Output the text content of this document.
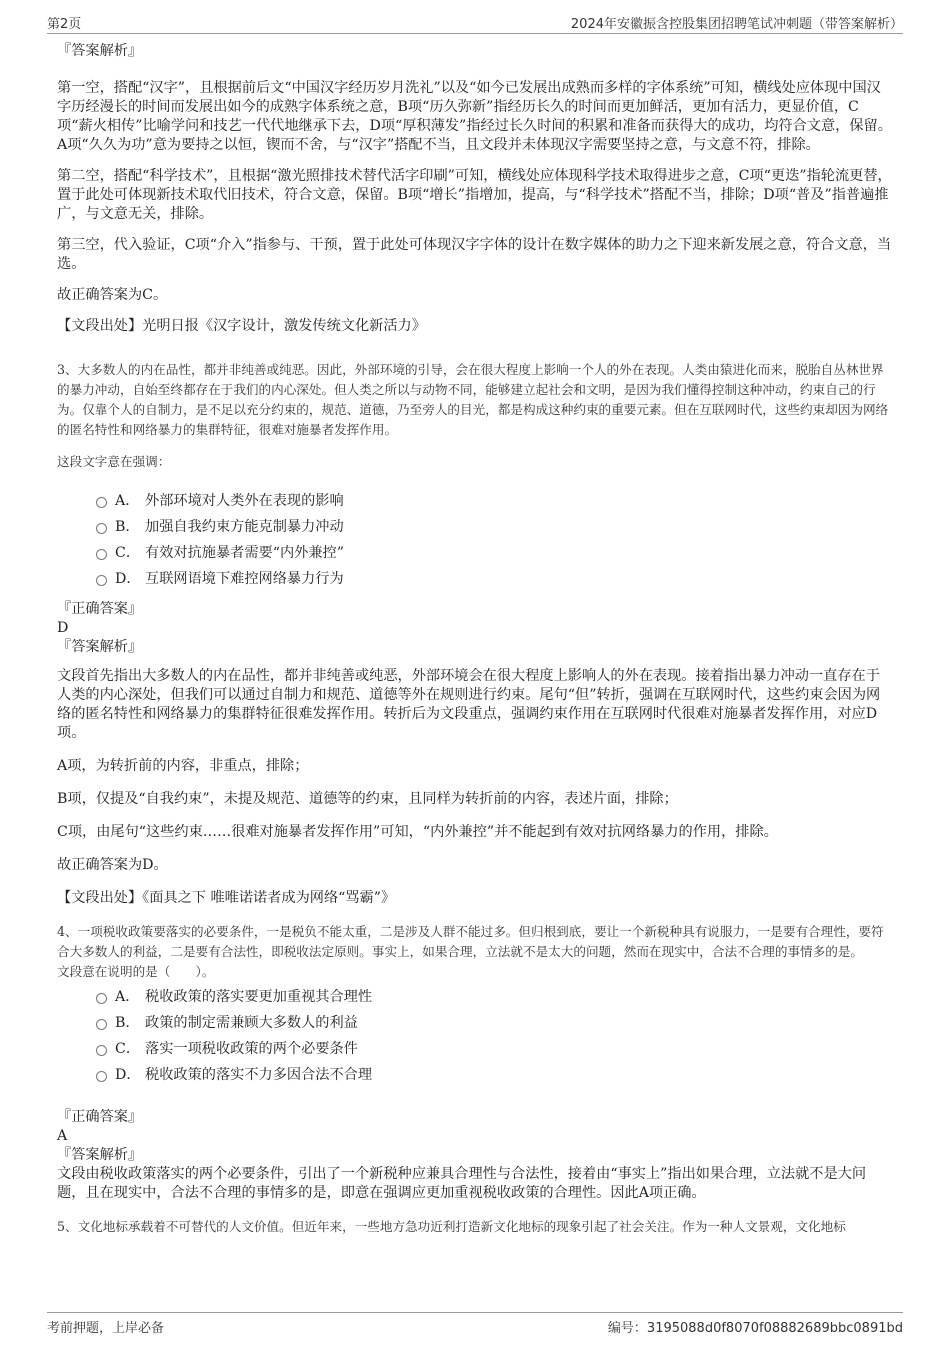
第2页	2024年安徽振含控股集团招聘笔试冲刺题（带答案解析）

『答案解析』

第一空，搭配“汉字”，且根据前后文“中国汉字经历岁月洗礼”以及“如今已发展出成熟而多样的字体系统”可知，横线处应体现中国汉字历经漫长的时间而发展出如今的成熟字体系统之意，B项“历久弥新”指经历长久的时间而更加鲜活，更加有活力，更显价值，C项“薪火相传”比喻学问和技艺一代代地继承下去，D项“厚积薄发”指经过长久时间的积累和准备而获得大的成功，均符合文意，保留。A项“久久为功”意为要持之以恒，锲而不舍，与“汉字”搭配不当，且文段并未体现汉字需要坚持之意，与文意不符，排除。

第二空，搭配“科学技术”，且根据“激光照排技术替代活字印刷”可知，横线处应体现科学技术取得进步之意，C项“更迭”指轮流更替，置于此处可体现新技术取代旧技术，符合文意，保留。B项“增长”指增加，提高，与“科学技术”搭配不当，排除；D项“普及”指普遍推广，与文意无关，排除。

第三空，代入验证，C项“介入”指参与、干预，置于此处可体现汉字字体的设计在数字媒体的助力之下迎来新发展之意，符合文意，当选。

故正确答案为C。

【文段出处】光明日报《汉字设计，激发传统文化新活力》

3、大多数人的内在品性，都并非纯善或纯恶。因此，外部环境的引导，会在很大程度上影响一个人的外在表现。人类由猿进化而来，脱胎自丛林世界的暴力冲动，自始至终都存在于我们的内心深处。但人类之所以与动物不同，能够建立起社会和文明，是因为我们懂得控制这种冲动，约束自己的行为。仅靠个人的自制力，是不足以充分约束的，规范、道德，乃至旁人的目光，都是构成这种约束的重要元素。但在互联网时代，这些约束却因为网络的匿名特性和网络暴力的集群特征，很难对施暴者发挥作用。

这段文字意在强调：

A． 外部环境对人类外在表现的影响
B． 加强自我约束方能克制暴力冲动
C． 有效对抗施暴者需要“内外兼控”
D． 互联网语境下难控网络暴力行为

『正确答案』

D

『答案解析』

文段首先指出大多数人的内在品性，都并非纯善或纯恶，外部环境会在很大程度上影响人的外在表现。接着指出暴力冲动一直存在于人类的内心深处，但我们可以通过自制力和规范、道德等外在规则进行约束。尾句“但”转折，强调在互联网时代，这些约束会因为网络的匿名特性和网络暴力的集群特征很难发挥作用。转折后为文段重点，强调约束作用在互联网时代很难对施暴者发挥作用，对应D项。

A项，为转折前的内容，非重点，排除；

B项，仅提及“自我约束”，未提及规范、道德等的约束，且同样为转折前的内容，表述片面，排除；

C项，由尾句“这些约束……很难对施暴者发挥作用”可知，“内外兼控”并不能起到有效对抗网络暴力的作用，排除。

故正确答案为D。

【文段出处】《面具之下 唯唯诺诺者成为网络“骂霸”》

4、一项税收政策要落实的必要条件，一是税负不能太重，二是涉及人群不能过多。但归根到底，要让一个新税种具有说服力，一是要有合理性，要符合大多数人的利益，二是要有合法性，即税收法定原则。事实上，如果合理，立法就不是太大的问题，然而在现实中，合法不合理的事情多的是。

文段意在说明的是（　　）。

A． 税收政策的落实要更加重视其合理性
B． 政策的制定需兼顾大多数人的利益
C． 落实一项税收政策的两个必要条件
D． 税收政策的落实不力多因合法不合理

『正确答案』

A

『答案解析』

文段由税收政策落实的两个必要条件，引出了一个新税种应兼具合理性与合法性，接着由“事实上”指出如果合理，立法就不是大问题，且在现实中，合法不合理的事情多的是，即意在强调应更加重视税收政策的合理性。因此A项正确。

5、文化地标承载着不可替代的人文价值。但近年来，一些地方急功近利打造新文化地标的现象引起了社会关注。作为一种人文景观，文化地标

考前押题，上岸必备	编号：3195088d0f8070f08882689bbc0891bd
